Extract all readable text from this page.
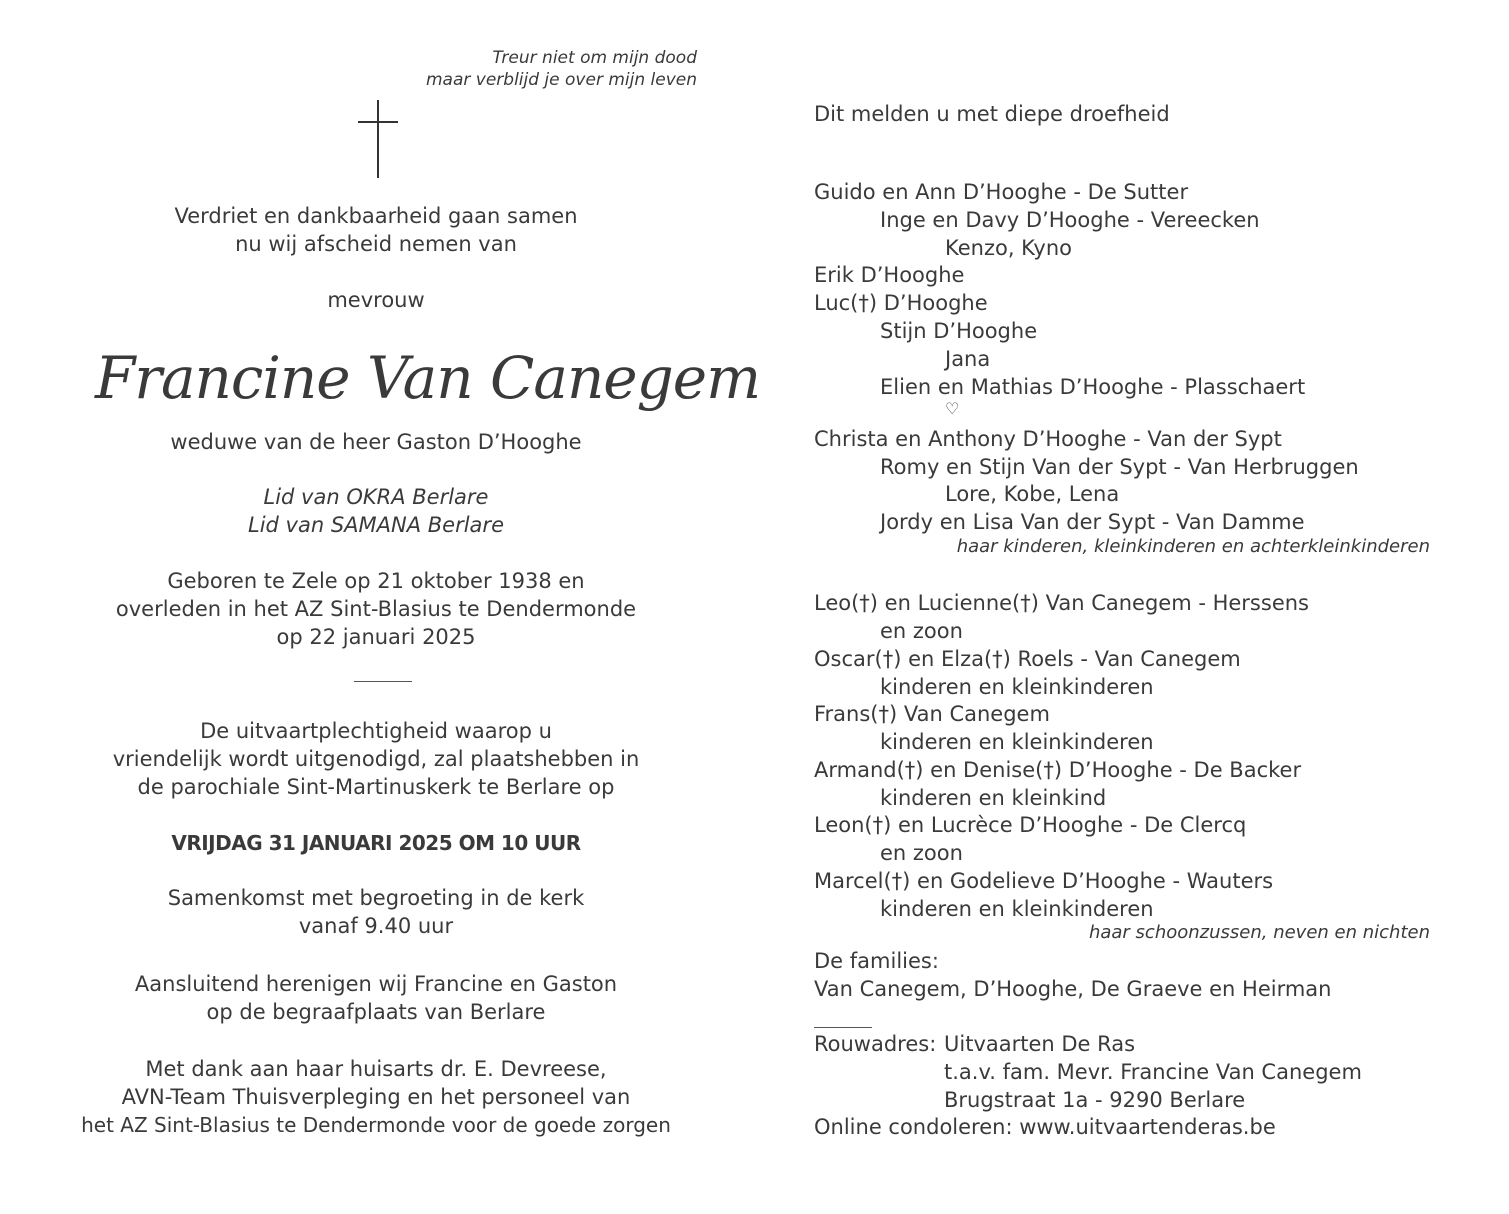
Treur niet om mijn dood
maar verblijd je over mijn leven
Verdriet en dankbaarheid gaan samen
nu wij afscheid nemen van
mevrouw
Francine Van Canegem
weduwe van de heer Gaston D’Hooghe
Lid van OKRA Berlare
Lid van SAMANA Berlare
Geboren te Zele op 21 oktober 1938 en
overleden in het AZ Sint-Blasius te Dendermonde
op 22 januari 2025
De uitvaartplechtigheid waarop u
vriendelijk wordt uitgenodigd, zal plaatshebben in
de parochiale Sint-Martinuskerk te Berlare op
VRIJDAG 31 JANUARI 2025 OM 10 UUR
Samenkomst met begroeting in de kerk
vanaf 9.40 uur
Aansluitend herenigen wij Francine en Gaston
op de begraafplaats van Berlare
Met dank aan haar huisarts dr. E. Devreese,
AVN-Team Thuisverpleging en het personeel van
het AZ Sint-Blasius te Dendermonde voor de goede zorgen
Dit melden u met diepe droefheid
Guido en Ann D’Hooghe - De Sutter
Inge en Davy D’Hooghe - Vereecken
Kenzo, Kyno
Erik D’Hooghe
Luc(†) D’Hooghe
Stijn D’Hooghe
Jana
Elien en Mathias D’Hooghe - Plasschaert
♡
Christa en Anthony D’Hooghe - Van der Sypt
Romy en Stijn Van der Sypt - Van Herbruggen
Lore, Kobe, Lena
Jordy en Lisa Van der Sypt - Van Damme
haar kinderen, kleinkinderen en achterkleinkinderen
Leo(†) en Lucienne(†) Van Canegem - Herssens
en zoon
Oscar(†) en Elza(†) Roels - Van Canegem
kinderen en kleinkinderen
Frans(†) Van Canegem
kinderen en kleinkinderen
Armand(†) en Denise(†) D’Hooghe - De Backer
kinderen en kleinkind
Leon(†) en Lucrèce D’Hooghe - De Clercq
en zoon
Marcel(†) en Godelieve D’Hooghe - Wauters
kinderen en kleinkinderen
haar schoonzussen, neven en nichten
De families:
Van Canegem, D’Hooghe, De Graeve en Heirman
Rouwadres: Uitvaarten De Ras
t.a.v. fam. Mevr. Francine Van Canegem
Brugstraat 1a - 9290 Berlare
Online condoleren: www.uitvaartenderas.be
